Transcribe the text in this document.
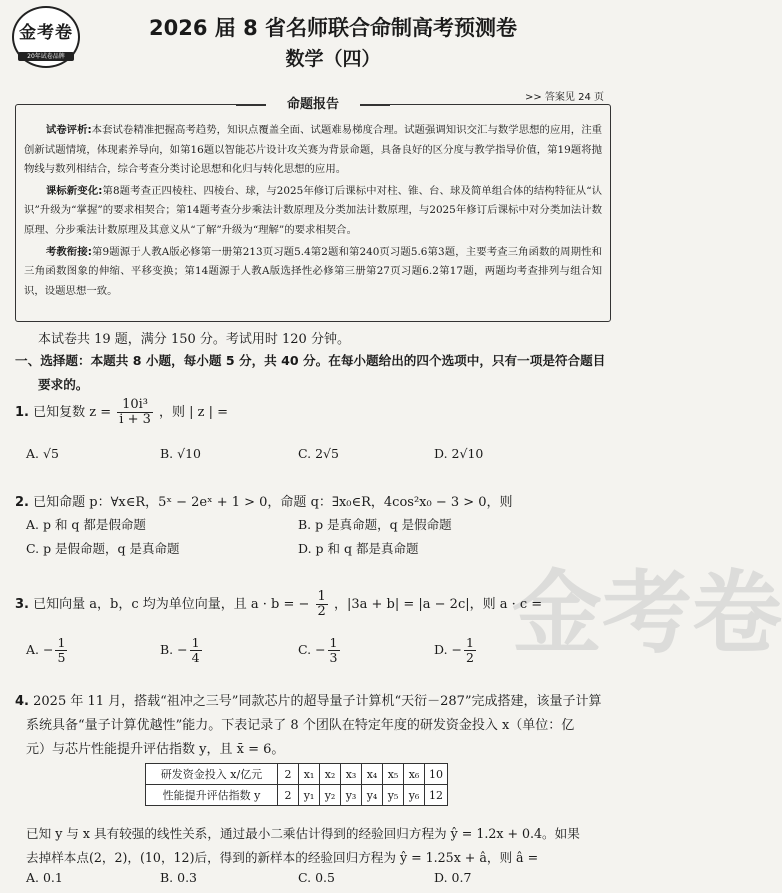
金考卷
20年试卷品牌
2026 届 8 省名师联合命制高考预测卷
数学（四）
>> 答案见 24 页

试卷评析:本套试卷精准把握高考趋势，知识点覆盖全面、试题难易梯度合理。试题强调知识交汇与数学思想的应用，注重创新试题情境，体现素养导向，如第16题以智能芯片设计攻关赛为背景命题，具备良好的区分度与教学指导价值，第19题将抛物线与数列相结合，综合考查分类讨论思想和化归与转化思想的应用。

课标新变化:第8题考查正四棱柱、四棱台、球，与2025年修订后课标中对柱、锥、台、球及简单组合体的结构特征从“认识”升级为“掌握”的要求相契合；第14题考查分步乘法计数原理及分类加法计数原理，与2025年修订后课标中对分类加法计数原理、分步乘法计数原理及其意义从“了解”升级为“理解”的要求相契合。

考教衔接:第9题源于人教A版必修第一册第213页习题5.4第2题和第240页习题5.6第3题，主要考查三角函数的周期性和三角函数图象的伸缩、平移变换；第14题源于人教A版选择性必修第三册第27页习题6.2第17题，两题均考查排列与组合知识，设题思想一致。

命题报告
本试卷共 19 题，满分 150 分。考试用时 120 分钟。
一、选择题：本题共 8 小题，每小题 5 分，共 40 分。在每小题给出的四个选项中，只有一项是符合题目
要求的。
1. 已知复数 $z = \frac{\text{10i³}}{i + 3}$ ，则 | z | =
A. √5	B. √10	C. 2√5	D. 2√10
2. 已知命题 p：∀x∈R，5ˣ − 2eˣ + 1 > 0，命题 q：∃x₀∈R，4cos²x₀ − 3 > 0，则
A. p 和 q 都是假命题	B. p 是真命题，q 是假命题
C. p 是假命题，q 是真命题	D. p 和 q 都是真命题
金考卷
3. 已知向量 a，b，c 均为单位向量，且 a · b = − $\frac{1}{2}$ ，|3a + b| = |a − 2c|，则 a · c =
A. − $\frac{1}{5}$	B. − $\frac{1}{4}$	C. − $\frac{1}{3}$	D. − $\frac{1}{2}$
4. 2025 年 11 月，搭载“祖冲之三号”同款芯片的超导量子计算机“天衍－287”完成搭建，该量子计算
系统具备“量子计算优越性”能力。下表记录了 8 个团队在特定年度的研发资金投入 x（单位：亿
元）与芯片性能提升评估指数 y，且 x̄ = 6。
研发资金投入 x/亿元	2	x₁	x₂	x₃	x₄	x₅	x₆	10
性能提升评估指数 y	2	y₁	y₂	y₃	y₄	y₅	y₆	12
已知 y 与 x 具有较强的线性关系，通过最小二乘估计得到的经验回归方程为 ŷ = 1.2x + 0.4。如果
去掉样本点(2，2)，(10，12)后，得到的新样本的经验回归方程为 ŷ = 1.25x + â，则 â =
A. 0.1	B. 0.3	C. 0.5	D. 0.7
